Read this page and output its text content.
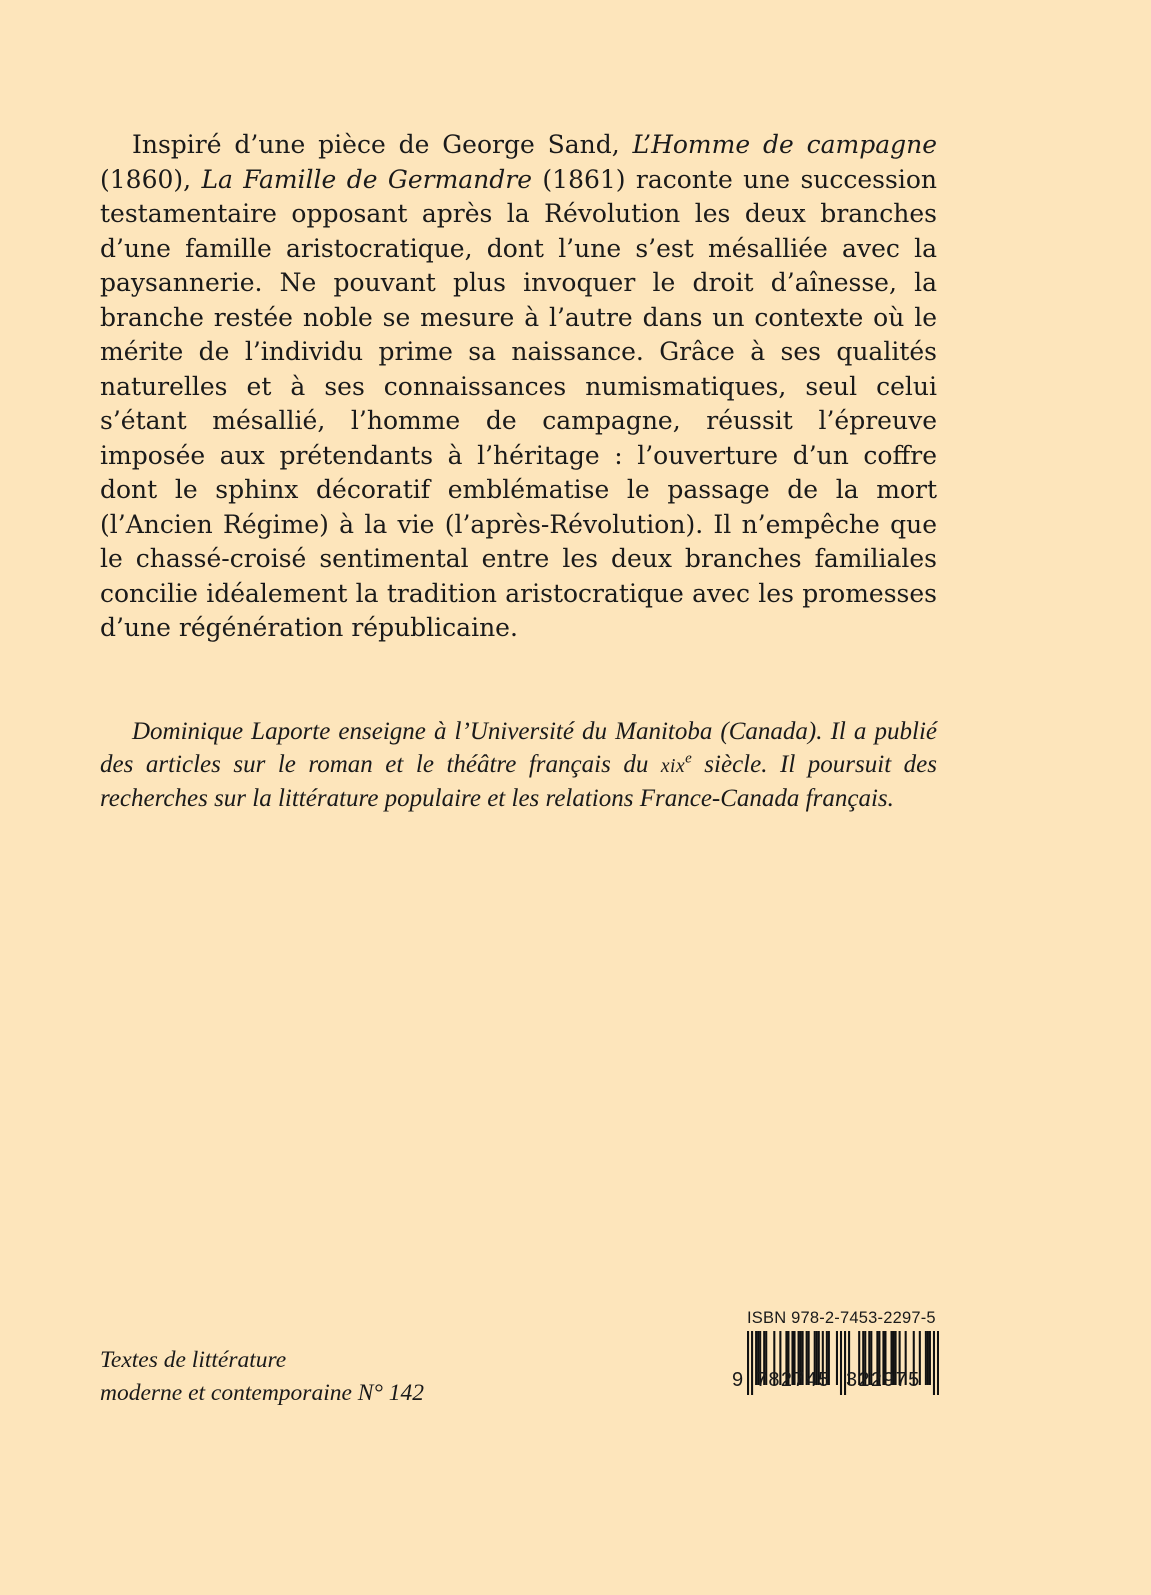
Inspiré d’une pièce de George Sand, L’Homme de campagne (1860), La Famille de Germandre (1861) raconte une succession testamentaire opposant après la Révolution les deux branches d’une famille aristocratique, dont l’une s’est mésalliée avec la paysannerie. Ne pouvant plus invoquer le droit d’aînesse, la branche restée noble se mesure à l’autre dans un contexte où le mérite de l’individu prime sa naissance. Grâce à ses qualités naturelles et à ses connaissances numismatiques, seul celui s’étant mésallié, l’homme de campagne, réussit l’épreuve imposée aux prétendants à l’héritage : l’ouverture d’un coffre dont le sphinx décoratif emblématise le passage de la mort (l’Ancien Régime) à la vie (l’après-Révolution). Il n’empêche que le chassé-croisé sentimental entre les deux branches familiales concilie idéalement la tradition aristocratique avec les promesses d’une régénération républicaine.

Dominique Laporte enseigne à l’Université du Manitoba (Canada). Il a publié des articles sur le roman et le théâtre français du xix$^e$ siècle. Il poursuit des recherches sur la littérature populaire et les relations France-Canada français.

Textes de littérature
moderne et contemporaine N° 142
ISBN 978-2-7453-2297-5
9 782745 322975
